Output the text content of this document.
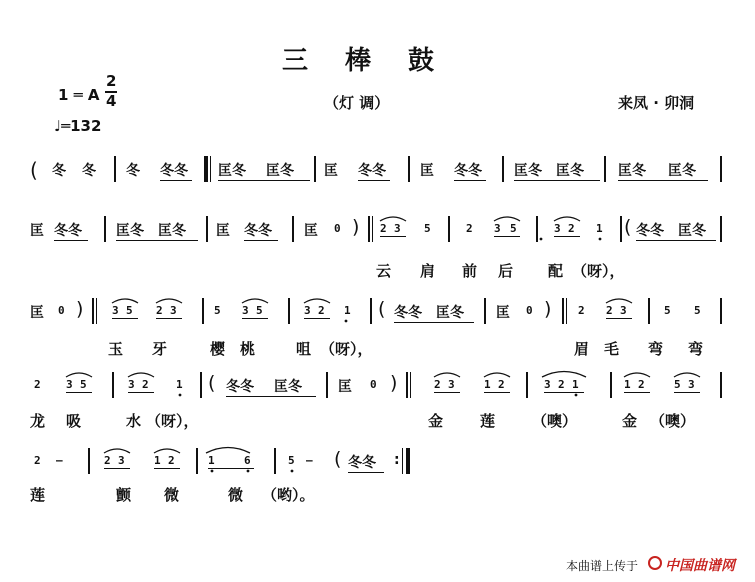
三 棒 鼓
（灯 调）
1 ═ A
2
4
♩═132
来凤 · 卯洞
( 冬 冬 冬 冬冬 匡冬 匡冬 匡 冬冬 匡 冬冬 匡冬 匡冬 匡冬 匡冬
匡 冬冬 匡冬 匡冬 匡 冬冬 匡 0 ) 2 3 5	2 3 5	3 2 1 ( 冬冬 匡冬
云 肩 前 后 配 （呀），
匡 0 )	3 5 2 3	5 3 5	3 2 1 ( 冬冬 匡冬 匡 0 ) 2 2 3	5 5
玉 牙	樱 桃	咀 （呀），	眉 毛 弯 弯
2 3 5	3 2 1 ( 冬冬 匡冬	匡 0 )	2 3	1 2	3 2 1	1 2	5 3
龙 吸	水 （呀），	金 莲 （噢）	金 （噢）
2 —	2 3	1 2	1	6	5 — ( 冬冬 :
莲	颤 微	微 （哟）。
本曲谱上传于 中国曲谱网
